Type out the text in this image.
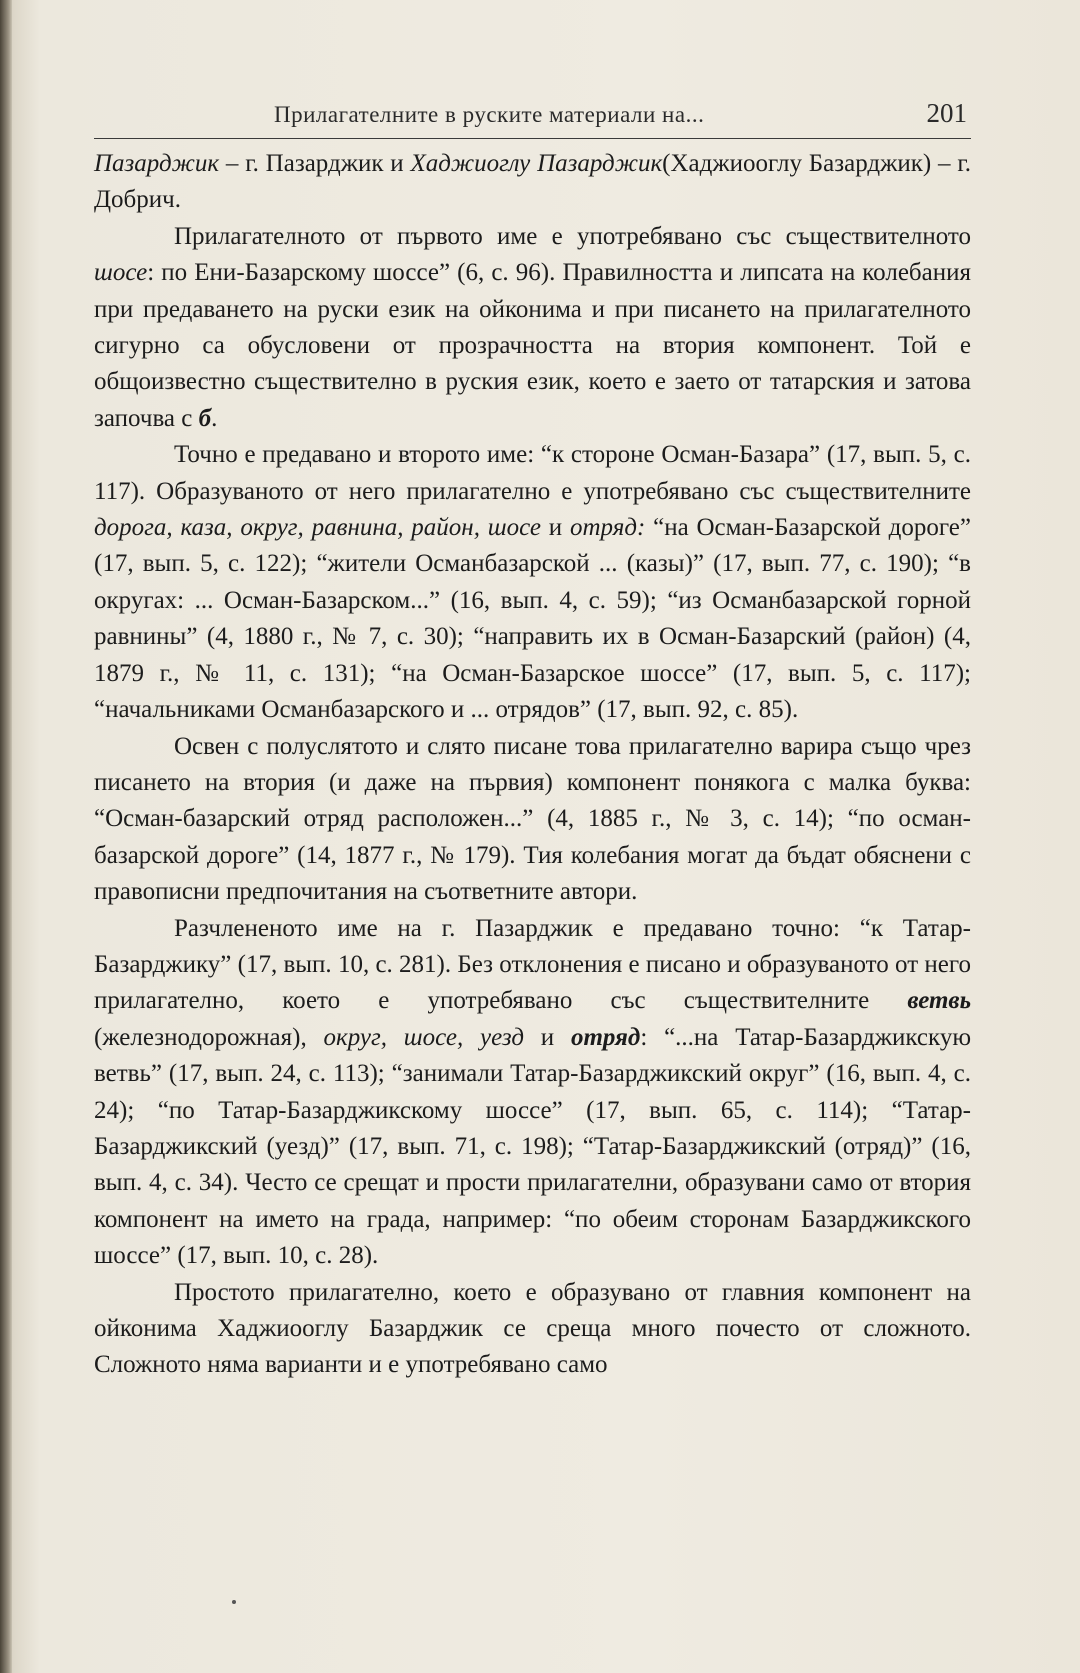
Прилагателните в руските материали на...	201

Пазарджик – г. Пазарджик и Хаджиоглу Пазарджик(Хаджиооглу Базарджик) – г. Добрич.

Прилагателното от първото име е употребявано със съществителното шосе: по Ени-Базарскому шоссе” (6, с. 96). Правилността и липсата на колебания при предаването на руски език на ойконима и при писането на прилагателното сигурно са обусловени от прозрачността на втория компонент. Той е общоизвестно съществително в руския език, което е заето от татарския и затова започва с б.

Точно е предавано и второто име: “к стороне Осман-Базара” (17, вып. 5, с. 117). Образуваното от него прилагателно е употребявано със съществителните дорога, каза, округ, равнина, район, шосе и отряд: “на Осман-Базарской дороге” (17, вып. 5, с. 122); “жители Османбазарской ... (казы)” (17, вып. 77, с. 190); “в округах: ... Осман-Базарском...” (16, вып. 4, с. 59); “из Османбазарской горной равнины” (4, 1880 г., № 7, с. 30); “направить их в Осман-Базарский (район) (4, 1879 г., № 11, с. 131); “на Осман-Базарское шоссе” (17, вып. 5, с. 117); “начальниками Османбазарского и ... отрядов” (17, вып. 92, с. 85).

Освен с полуслятото и слято писане това прилагателно варира също чрез писането на втория (и даже на първия) компонент понякога с малка буква: “Осман-базарский отряд расположен...” (4, 1885 г., № 3, с. 14); “по осман-базарской дороге” (14, 1877 г., № 179). Тия колебания могат да бъдат обяснени с правописни предпочитания на съответните автори.

Разчлененото име на г. Пазарджик е предавано точно: “к Татар-Базарджику” (17, вып. 10, с. 281). Без отклонения е писано и образуваното от него прилагателно, което е употребявано със съществителните ветвь (железнодорожная), округ, шосе, уезд и отряд: “...на Татар-Базарджикскую ветвь” (17, вып. 24, с. 113); “занимали Татар-Базарджикский округ” (16, вып. 4, с. 24); “по Татар-Базарджикскому шоссе” (17, вып. 65, с. 114); “Татар-Базарджикский (уезд)” (17, вып. 71, с. 198); “Татар-Базарджикский (отряд)” (16, вып. 4, с. 34). Често се срещат и прости прилагателни, образувани само от втория компонент на името на града, например: “по обеим сторонам Базарджикского шоссе” (17, вып. 10, с. 28).

Простото прилагателно, което е образувано от главния компонент на ойконима Хаджиооглу Базарджик се среща много почесто от сложното. Сложното няма варианти и е употребявано само
